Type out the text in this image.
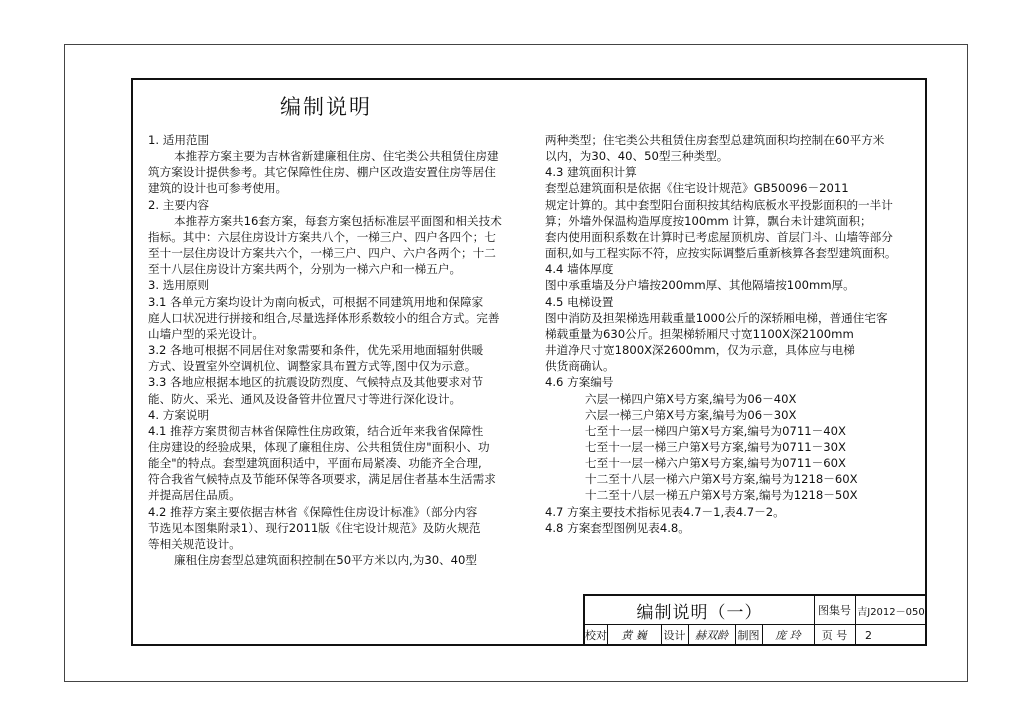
编制说明

1. 适用范围

本推荐方案主要为吉林省新建廉租住房、住宅类公共租赁住房建

筑方案设计提供参考。其它保障性住房、棚户区改造安置住房等居住

建筑的设计也可参考使用。

2. 主要内容

本推荐方案共16套方案，每套方案包括标准层平面图和相关技术

指标。其中：六层住房设计方案共八个，一梯三户、四户各四个；七

至十一层住房设计方案共六个，一梯三户、四户、六户各两个；十二

至十八层住房设计方案共两个，分别为一梯六户和一梯五户。

3. 选用原则

3.1 各单元方案均设计为南向板式，可根据不同建筑用地和保障家

庭人口状况进行拼接和组合,尽量选择体形系数较小的组合方式。完善

山墙户型的采光设计。

3.2 各地可根据不同居住对象需要和条件，优先采用地面辐射供暖

方式、设置室外空调机位、调整家具布置方式等,图中仅为示意。

3.3 各地应根据本地区的抗震设防烈度、气候特点及其他要求对节

能、防火、采光、通风及设备管井位置尺寸等进行深化设计。

4. 方案说明

4.1 推荐方案贯彻吉林省保障性住房政策，结合近年来我省保障性

住房建设的经验成果，体现了廉租住房、公共租赁住房"面积小、功

能全"的特点。套型建筑面积适中，平面布局紧凑、功能齐全合理,

符合我省气候特点及节能环保等各项要求，满足居住者基本生活需求

并提高居住品质。

4.2 推荐方案主要依据吉林省《保障性住房设计标准》（部分内容

节选见本图集附录1）、现行2011版《住宅设计规范》及防火规范

等相关规范设计。

廉租住房套型总建筑面积控制在50平方米以内,为30、40型

两种类型；住宅类公共租赁住房套型总建筑面积均控制在60平方米

以内，为30、40、50型三种类型。

4.3 建筑面积计算

套型总建筑面积是依据《住宅设计规范》GB50096－2011

规定计算的。其中套型阳台面积按其结构底板水平投影面积的一半计

算；外墙外保温构造厚度按100mm 计算，飘台未计建筑面积；

套内使用面积系数在计算时已考虑屋顶机房、首层门斗、山墙等部分

面积,如与工程实际不符，应按实际调整后重新核算各套型建筑面积。

4.4 墙体厚度

图中承重墙及分户墙按200mm厚、其他隔墙按100mm厚。

4.5 电梯设置

图中消防及担架梯选用载重量1000公斤的深轿厢电梯，普通住宅客

梯载重量为630公斤。担架梯轿厢尺寸宽1100X深2100mm

井道净尺寸宽1800X深2600mm，仅为示意，具体应与电梯

供货商确认。

4.6 方案编号

六层一梯四户第X号方案,编号为06－40X

六层一梯三户第X号方案,编号为06－30X

七至十一层一梯四户第X号方案,编号为0711－40X

七至十一层一梯三户第X号方案,编号为0711－30X

七至十一层一梯六户第X号方案,编号为0711－60X

十二至十八层一梯六户第X号方案,编号为1218－60X

十二至十八层一梯五户第X号方案,编号为1218－50X

4.7 方案主要技术指标见表4.7－1,表4.7－2。

4.8 方案套型图例见表4.8。

编制说明（一）	图集号 吉J2012－050
校对	黄 巍	设计 赫双龄 制图	庞 玲	页 号	2
